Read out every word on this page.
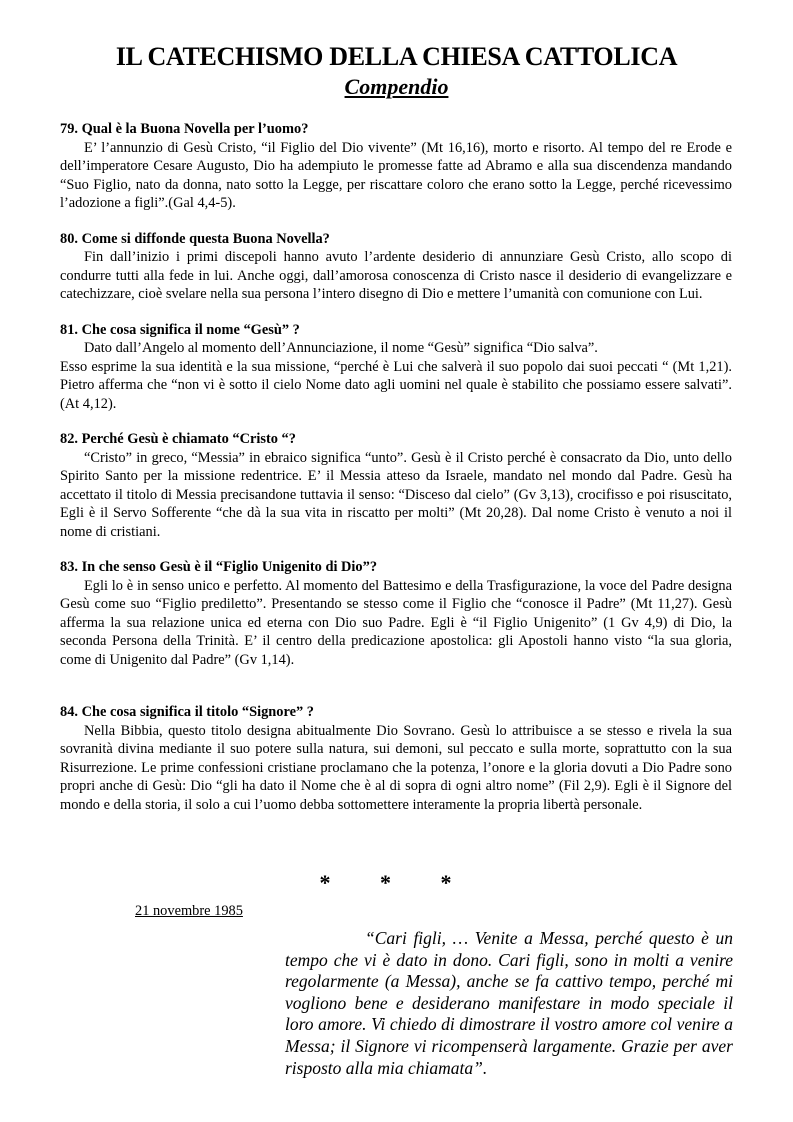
IL CATECHISMO DELLA CHIESA CATTOLICA
Compendio
79. Qual è la Buona Novella per l’uomo?
E’ l’annunzio di Gesù Cristo, “il Figlio del Dio vivente” (Mt 16,16), morto e risorto. Al tempo del re Erode e dell’imperatore Cesare Augusto, Dio ha adempiuto le promesse fatte ad Abramo e alla sua discendenza mandando “Suo Figlio, nato da donna, nato sotto la Legge, per riscattare coloro che erano sotto la Legge, perché ricevessimo l’adozione a figli”.(Gal 4,4-5).
80. Come si diffonde questa Buona Novella?
Fin dall’inizio i primi discepoli hanno avuto l’ardente desiderio di annunziare Gesù Cristo, allo scopo di condurre tutti alla fede in lui. Anche oggi, dall’amorosa conoscenza di Cristo nasce il desiderio di evangelizzare e catechizzare, cioè svelare nella sua persona l’intero disegno di Dio e mettere l’umanità con comunione con Lui.
81. Che cosa significa il nome “Gesù” ?
Dato dall’Angelo al momento dell’Annunciazione, il nome “Gesù” significa “Dio salva”.
Esso esprime la sua identità e la sua missione, “perché è Lui che salverà il suo popolo dai suoi peccati “ (Mt 1,21). Pietro afferma che “non vi è sotto il cielo Nome dato agli uomini nel quale è stabilito che possiamo essere salvati”. (At 4,12).
82. Perché Gesù è chiamato “Cristo “?
“Cristo” in greco, “Messia” in ebraico significa “unto”. Gesù è il Cristo perché è consacrato da Dio, unto dello Spirito Santo per la missione redentrice. E’ il Messia atteso da Israele, mandato nel mondo dal Padre. Gesù ha accettato il titolo di Messia precisandone tuttavia il senso: “Disceso dal cielo” (Gv 3,13), crocifisso e poi risuscitato, Egli è il Servo Sofferente “che dà la sua vita in riscatto per molti” (Mt 20,28). Dal nome Cristo è venuto a noi il nome di cristiani.
83. In che senso Gesù è il “Figlio Unigenito di Dio”?
Egli lo è in senso unico e perfetto. Al momento del Battesimo e della Trasfigurazione, la voce del Padre designa Gesù come suo “Figlio prediletto”. Presentando se stesso come il Figlio che “conosce il Padre” (Mt 11,27). Gesù afferma la sua relazione unica ed eterna con Dio suo Padre. Egli è “il Figlio Unigenito” (1 Gv 4,9) di Dio, la seconda Persona della Trinità. E’ il centro della predicazione apostolica: gli Apostoli hanno visto “la sua gloria, come di Unigenito dal Padre” (Gv 1,14).
84. Che cosa significa il titolo “Signore” ?
Nella Bibbia, questo titolo designa abitualmente Dio Sovrano. Gesù lo attribuisce a se stesso e rivela la sua sovranità divina mediante il suo potere sulla natura, sui demoni, sul peccato e sulla morte, soprattutto con la sua Risurrezione. Le prime confessioni cristiane proclamano che la potenza, l’onore e la gloria dovuti a Dio Padre sono propri anche di Gesù: Dio “gli ha dato il Nome che è al di sopra di ogni altro nome” (Fil 2,9). Egli è il Signore del mondo e della storia, il solo a cui l’uomo debba sottomettere interamente la propria libertà personale.
* * *
21 novembre 1985
“Cari figli, … Venite a Messa, perché questo è un tempo che vi è dato in dono. Cari figli, sono in molti a venire regolarmente (a Messa), anche se fa cattivo tempo, perché mi vogliono bene e desiderano manifestare in modo speciale il loro amore. Vi chiedo di dimostrare il vostro amore col venire a Messa; il Signore vi ricompenserà largamente. Grazie per aver risposto alla mia chiamata”.
